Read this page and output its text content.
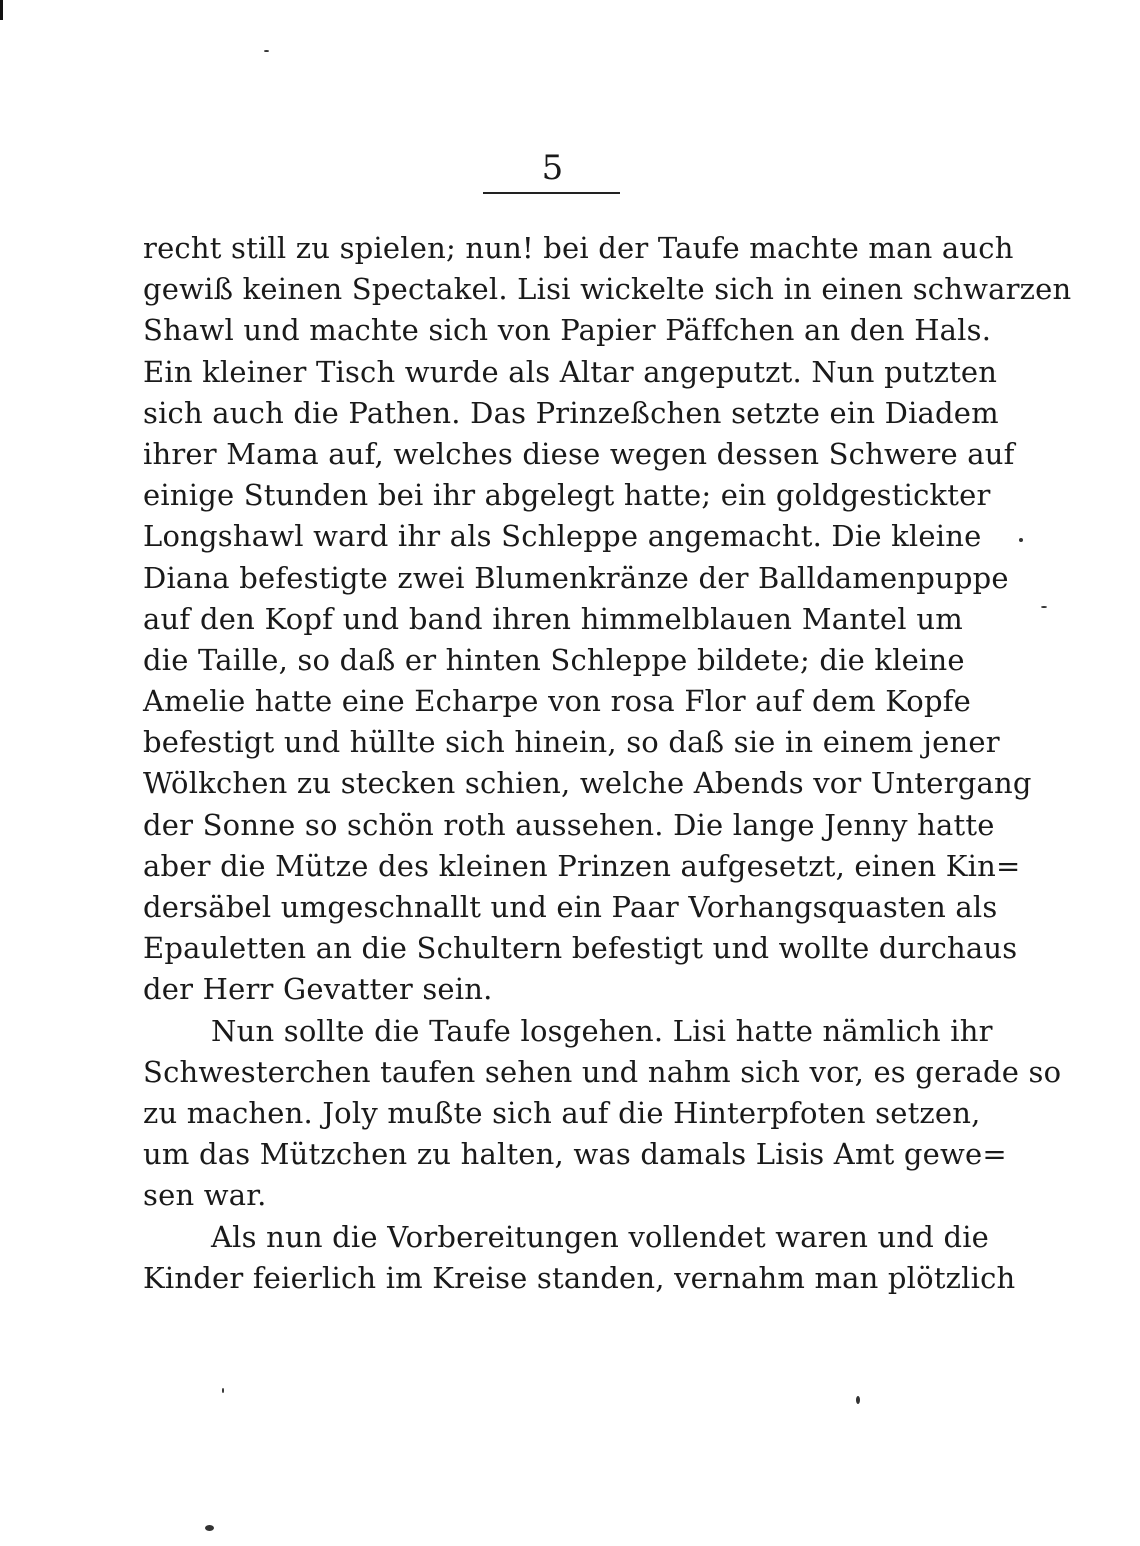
5
recht still zu spielen; nun! bei der Taufe machte man auch
gewiß keinen Spectakel. Lisi wickelte sich in einen schwarzen
Shawl und machte sich von Papier Päffchen an den Hals.
Ein kleiner Tisch wurde als Altar angeputzt. Nun putzten
sich auch die Pathen. Das Prinzeßchen setzte ein Diadem
ihrer Mama auf, welches diese wegen dessen Schwere auf
einige Stunden bei ihr abgelegt hatte; ein goldgestickter
Longshawl ward ihr als Schleppe angemacht. Die kleine
Diana befestigte zwei Blumenkränze der Balldamenpuppe
auf den Kopf und band ihren himmelblauen Mantel um
die Taille, so daß er hinten Schleppe bildete; die kleine
Amelie hatte eine Echarpe von rosa Flor auf dem Kopfe
befestigt und hüllte sich hinein, so daß sie in einem jener
Wölkchen zu stecken schien, welche Abends vor Untergang
der Sonne so schön roth aussehen. Die lange Jenny hatte
aber die Mütze des kleinen Prinzen aufgesetzt, einen Kin=
dersäbel umgeschnallt und ein Paar Vorhangsquasten als
Epauletten an die Schultern befestigt und wollte durchaus
der Herr Gevatter sein.
Nun sollte die Taufe losgehen. Lisi hatte nämlich ihr
Schwesterchen taufen sehen und nahm sich vor, es gerade so
zu machen. Joly mußte sich auf die Hinterpfoten setzen,
um das Mützchen zu halten, was damals Lisis Amt gewe=
sen war.
Als nun die Vorbereitungen vollendet waren und die
Kinder feierlich im Kreise standen, vernahm man plötzlich
